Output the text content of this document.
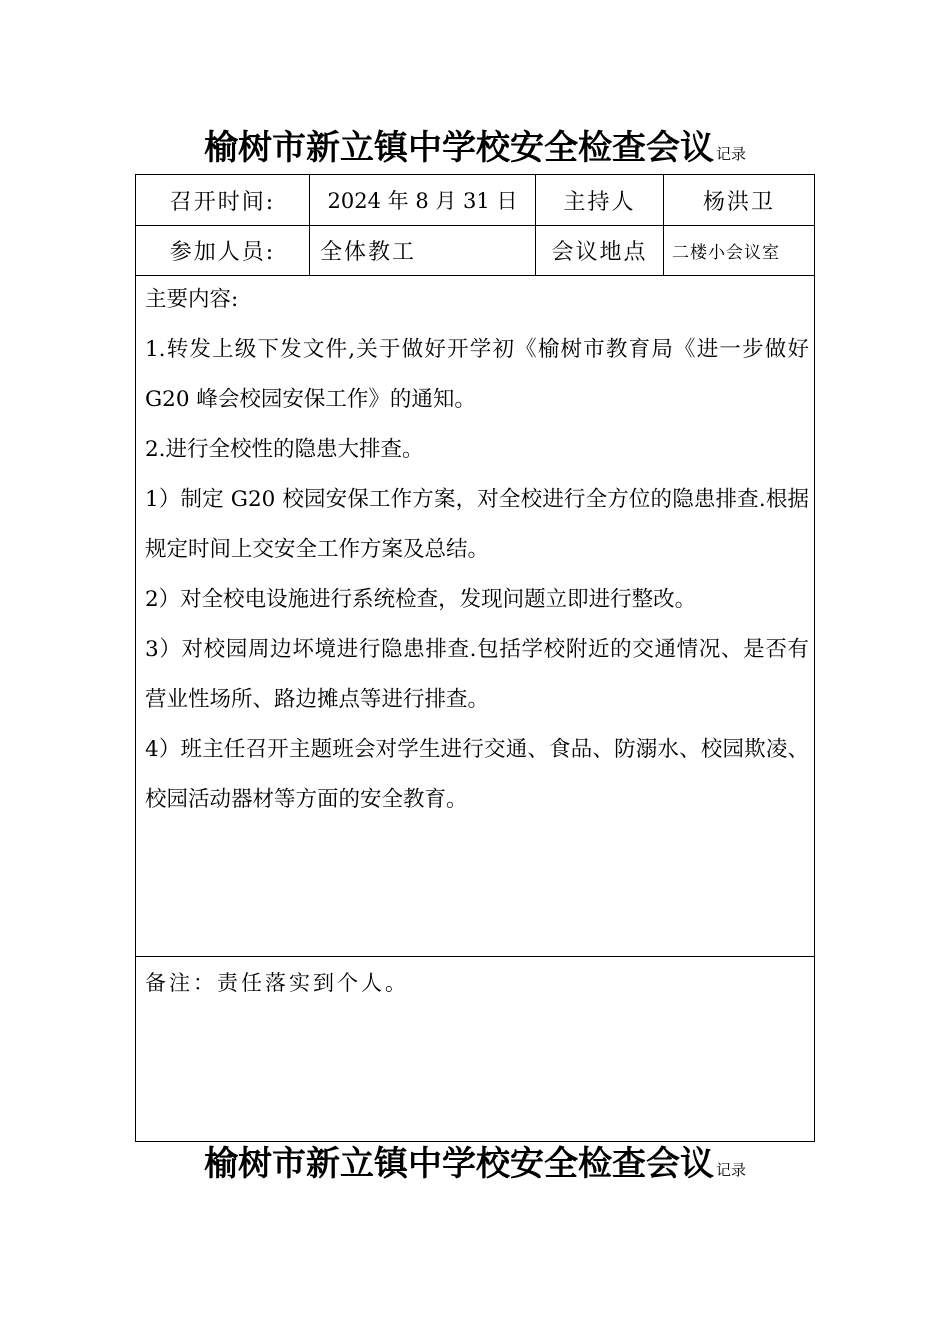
榆树市新立镇中学校安全检查会议 记录
召开时间:	2024 年 8 月 31 日	主持人	杨洪卫
参加人员:	全体教工	会议地点	二楼小会议室
主要内容:
1.转发上级下发文件,关于做好开学初《榆树市教育局《进一步做好 G20 峰会校园安保工作》的通知。
2.进行全校性的隐患大排查。
1）制定 G20 校园安保工作方案，对全校进行全方位的隐患排查.根据规定时间上交安全工作方案及总结。
2）对全校电设施进行系统检查，发现问题立即进行整改。
3）对校园周边坏境进行隐患排查.包括学校附近的交通情况、是否有营业性场所、路边摊点等进行排查。
4）班主任召开主题班会对学生进行交通、食品、防溺水、校园欺凌、校园活动器材等方面的安全教育。
备注：责任落实到个人。
榆树市新立镇中学校安全检查会议 记录
